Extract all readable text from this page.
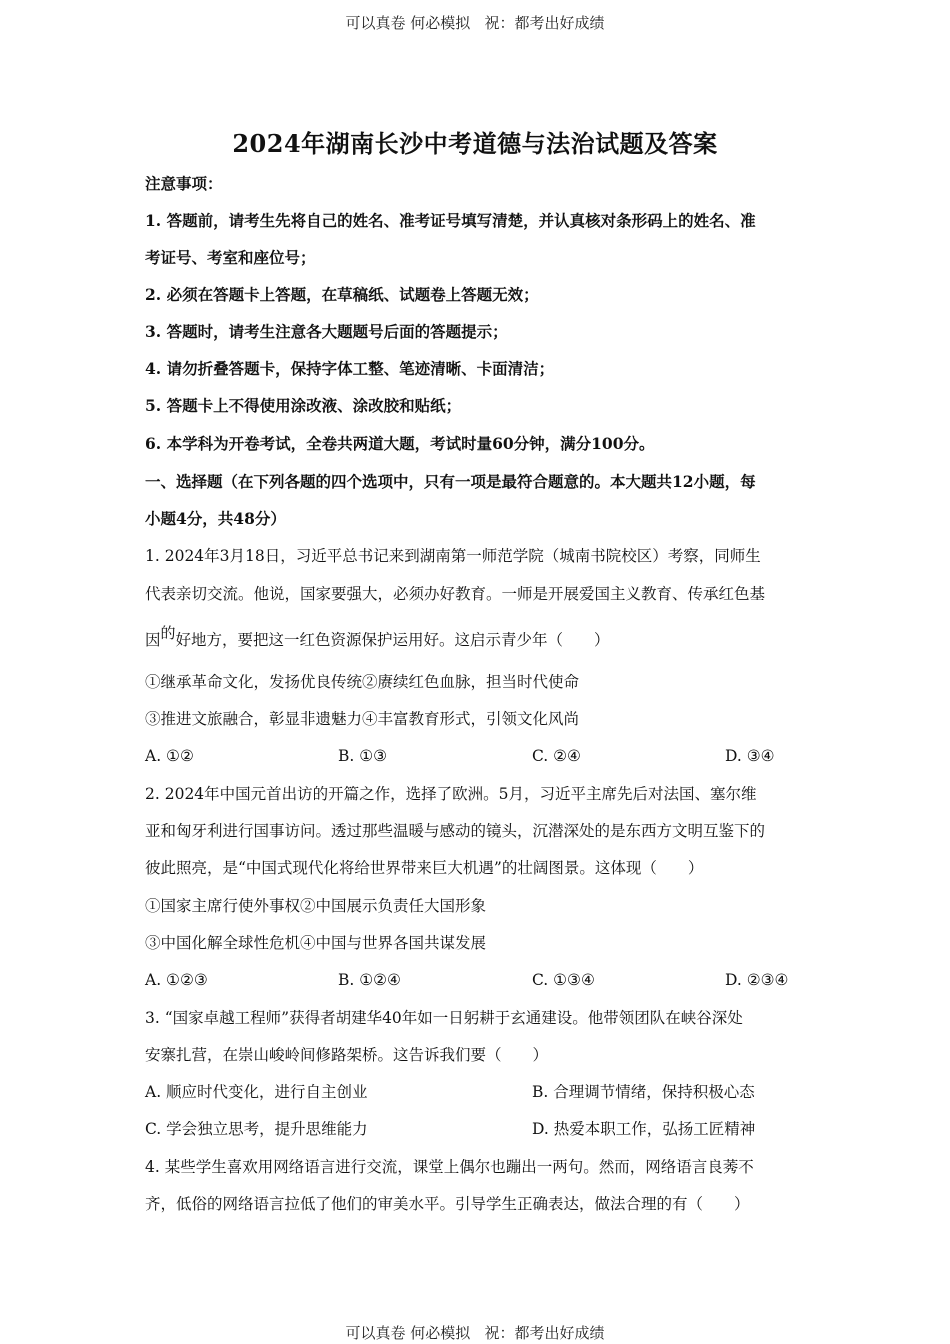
可以真卷 何必模拟   祝：都考出好成绩
2024年湖南长沙中考道德与法治试题及答案
注意事项：
1. 答题前，请考生先将自己的姓名、准考证号填写清楚，并认真核对条形码上的姓名、准
考证号、考室和座位号；
2. 必须在答题卡上答题，在草稿纸、试题卷上答题无效；
3. 答题时，请考生注意各大题题号后面的答题提示；
4. 请勿折叠答题卡，保持字体工整、笔迹清晰、卡面清洁；
5. 答题卡上不得使用涂改液、涂改胶和贴纸；
6. 本学科为开卷考试，全卷共两道大题，考试时量60分钟，满分100分。
一、选择题（在下列各题的四个选项中，只有一项是最符合题意的。本大题共12小题，每
小题4分，共48分）
1. 2024年3月18日，习近平总书记来到湖南第一师范学院（城南书院校区）考察，同师生
代表亲切交流。他说，国家要强大，必须办好教育。一师是开展爱国主义教育、传承红色基
因的好地方，要把这一红色资源保护运用好。这启示青少年（　　）
①继承革命文化，发扬优良传统②赓续红色血脉，担当时代使命
③推进文旅融合，彰显非遗魅力④丰富教育形式，引领文化风尚
A. ①②	B. ①③	C. ②④	D. ③④
2. 2024年中国元首出访的开篇之作，选择了欧洲。5月，习近平主席先后对法国、塞尔维
亚和匈牙利进行国事访问。透过那些温暖与感动的镜头，沉潜深处的是东西方文明互鉴下的
彼此照亮，是“中国式现代化将给世界带来巨大机遇”的壮阔图景。这体现（　　）
①国家主席行使外事权②中国展示负责任大国形象
③中国化解全球性危机④中国与世界各国共谋发展
A. ①②③	B. ①②④	C. ①③④	D. ②③④
3. “国家卓越工程师”获得者胡建华40年如一日躬耕于玄通建设。他带领团队在峡谷深处
安寨扎营，在崇山峻岭间修路架桥。这告诉我们要（　　）
A. 顺应时代变化，进行自主创业	B. 合理调节情绪，保持积极心态
C. 学会独立思考，提升思维能力	D. 热爱本职工作，弘扬工匠精神
4. 某些学生喜欢用网络语言进行交流，课堂上偶尔也蹦出一两句。然而，网络语言良莠不
齐，低俗的网络语言拉低了他们的审美水平。引导学生正确表达，做法合理的有（　　）
可以真卷 何必模拟   祝：都考出好成绩
